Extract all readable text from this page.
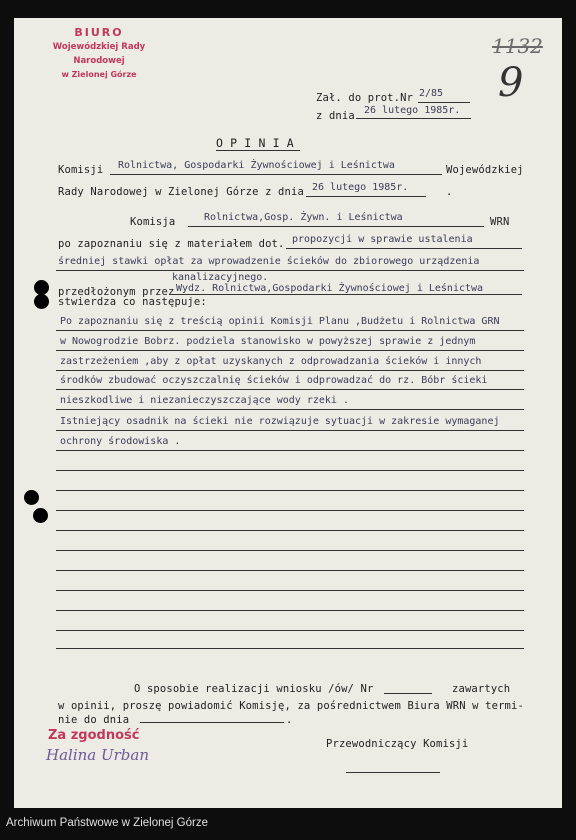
BIURO
Wojewódzkiej Rady Narodowej
w Zielonej Górze
1132
9
Zał. do prot.Nr 2/85
z dnia 26 lutego 1985r.
O P I N I A
Komisji Rolnictwa, Gospodarki Żywnościowej i Leśnictwa	Wojewódzkiej
Rady Narodowej w Zielonej Górze z dnia 26 lutego 1985r.	.
Komisja	Rolnictwa,Gosp. Żywn. i Leśnictwa	WRN
po zapoznaniu się z materiałem dot. propozycji w sprawie ustalenia
średniej stawki opłat za wprowadzenie ścieków do zbiorowego urządzenia
kanalizacyjnego.
przedłożonym przez Wydz. Rolnictwa,Gospodarki Żywnościowej i Leśnictwa
stwierdza co następuje:
Po zapoznaniu się z treścią opinii Komisji Planu ,Budżetu i Rolnictwa GRN
w Nowogrodzie Bobrz. podziela stanowisko w powyższej sprawie z jednym
zastrzeżeniem ,aby z opłat uzyskanych z odprowadzania ścieków i innych
środków zbudować oczyszczalnię ścieków i odprowadzać do rz. Bóbr ścieki
nieszkodliwe i niezanieczyszczające wody rzeki .
Istniejący osadnik na ścieki nie rozwiązuje sytuacji w zakresie wymaganej
ochrony środowiska .
O sposobie realizacji wniosku /ów/ Nr	zawartych
w opinii, proszę powiadomić Komisję, za pośrednictwem Biura WRN w termi-
nie do dnia	.
Przewodniczący Komisji
Za zgodność
Halina Urban
Archiwum Państwowe w Zielonej Górze
